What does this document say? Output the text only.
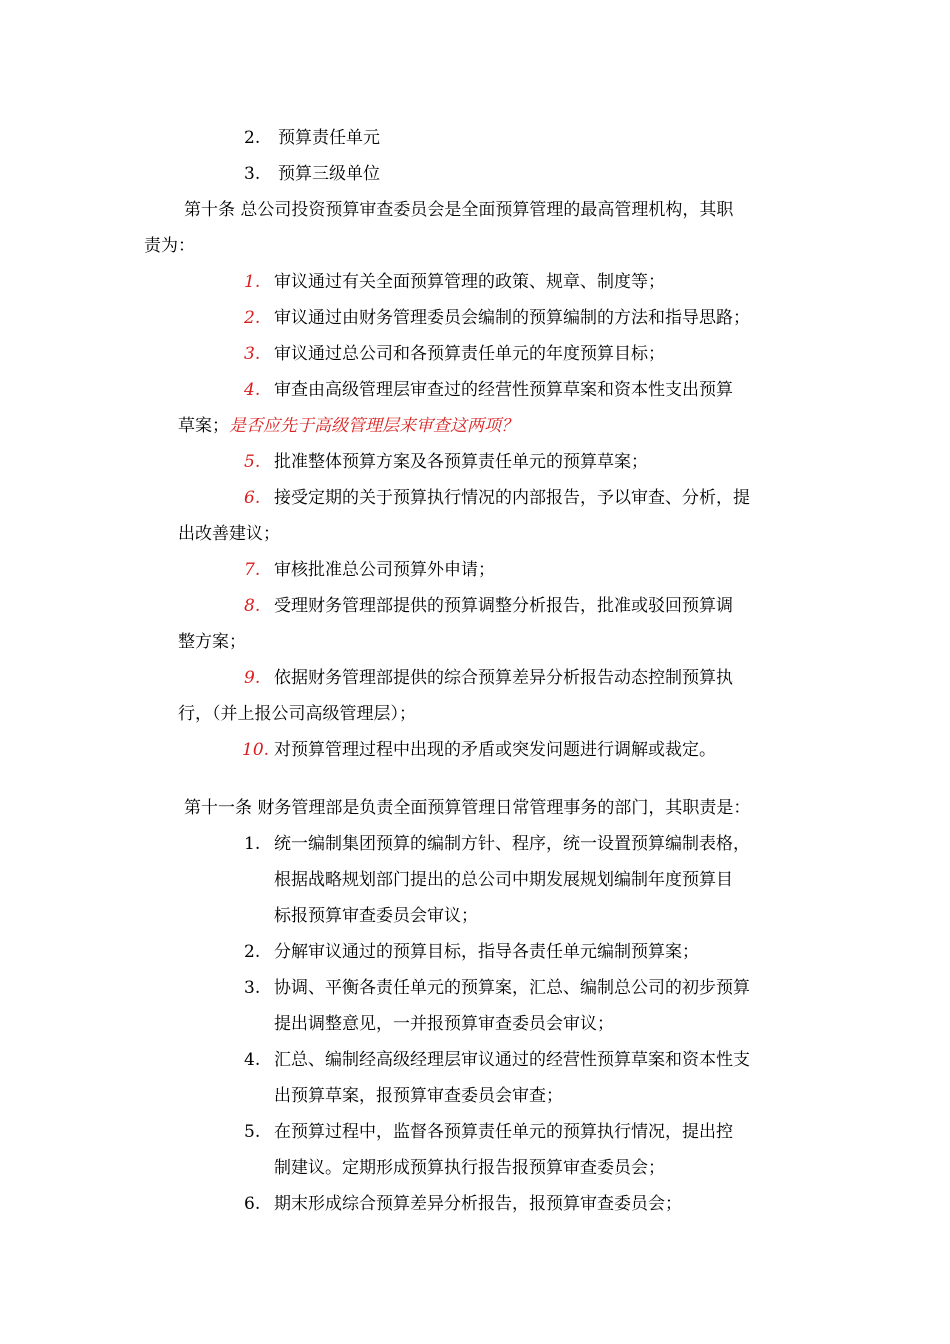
2. 预算责任单元
3. 预算三级单位
第十条 总公司投资预算审查委员会是全面预算管理的最高管理机构，其职
责为：
1. 审议通过有关全面预算管理的政策、规章、制度等；
2. 审议通过由财务管理委员会编制的预算编制的方法和指导思路；
3. 审议通过总公司和各预算责任单元的年度预算目标；
4. 审查由高级管理层审查过的经营性预算草案和资本性支出预算
草案；是否应先于高级管理层来审查这两项？
5. 批准整体预算方案及各预算责任单元的预算草案；
6. 接受定期的关于预算执行情况的内部报告，予以审查、分析，提
出改善建议；
7. 审核批准总公司预算外申请；
8. 受理财务管理部提供的预算调整分析报告，批准或驳回预算调
整方案；
9. 依据财务管理部提供的综合预算差异分析报告动态控制预算执
行，（并上报公司高级管理层）；
10. 对预算管理过程中出现的矛盾或突发问题进行调解或裁定。
第十一条 财务管理部是负责全面预算管理日常管理事务的部门，其职责是：
1. 统一编制集团预算的编制方针、程序，统一设置预算编制表格，
根据战略规划部门提出的总公司中期发展规划编制年度预算目
标报预算审查委员会审议；
2. 分解审议通过的预算目标，指导各责任单元编制预算案；
3. 协调、平衡各责任单元的预算案，汇总、编制总公司的初步预算
提出调整意见，一并报预算审查委员会审议；
4. 汇总、编制经高级经理层审议通过的经营性预算草案和资本性支
出预算草案，报预算审查委员会审查；
5. 在预算过程中，监督各预算责任单元的预算执行情况，提出控
制建议。定期形成预算执行报告报预算审查委员会；
6. 期末形成综合预算差异分析报告，报预算审查委员会；
